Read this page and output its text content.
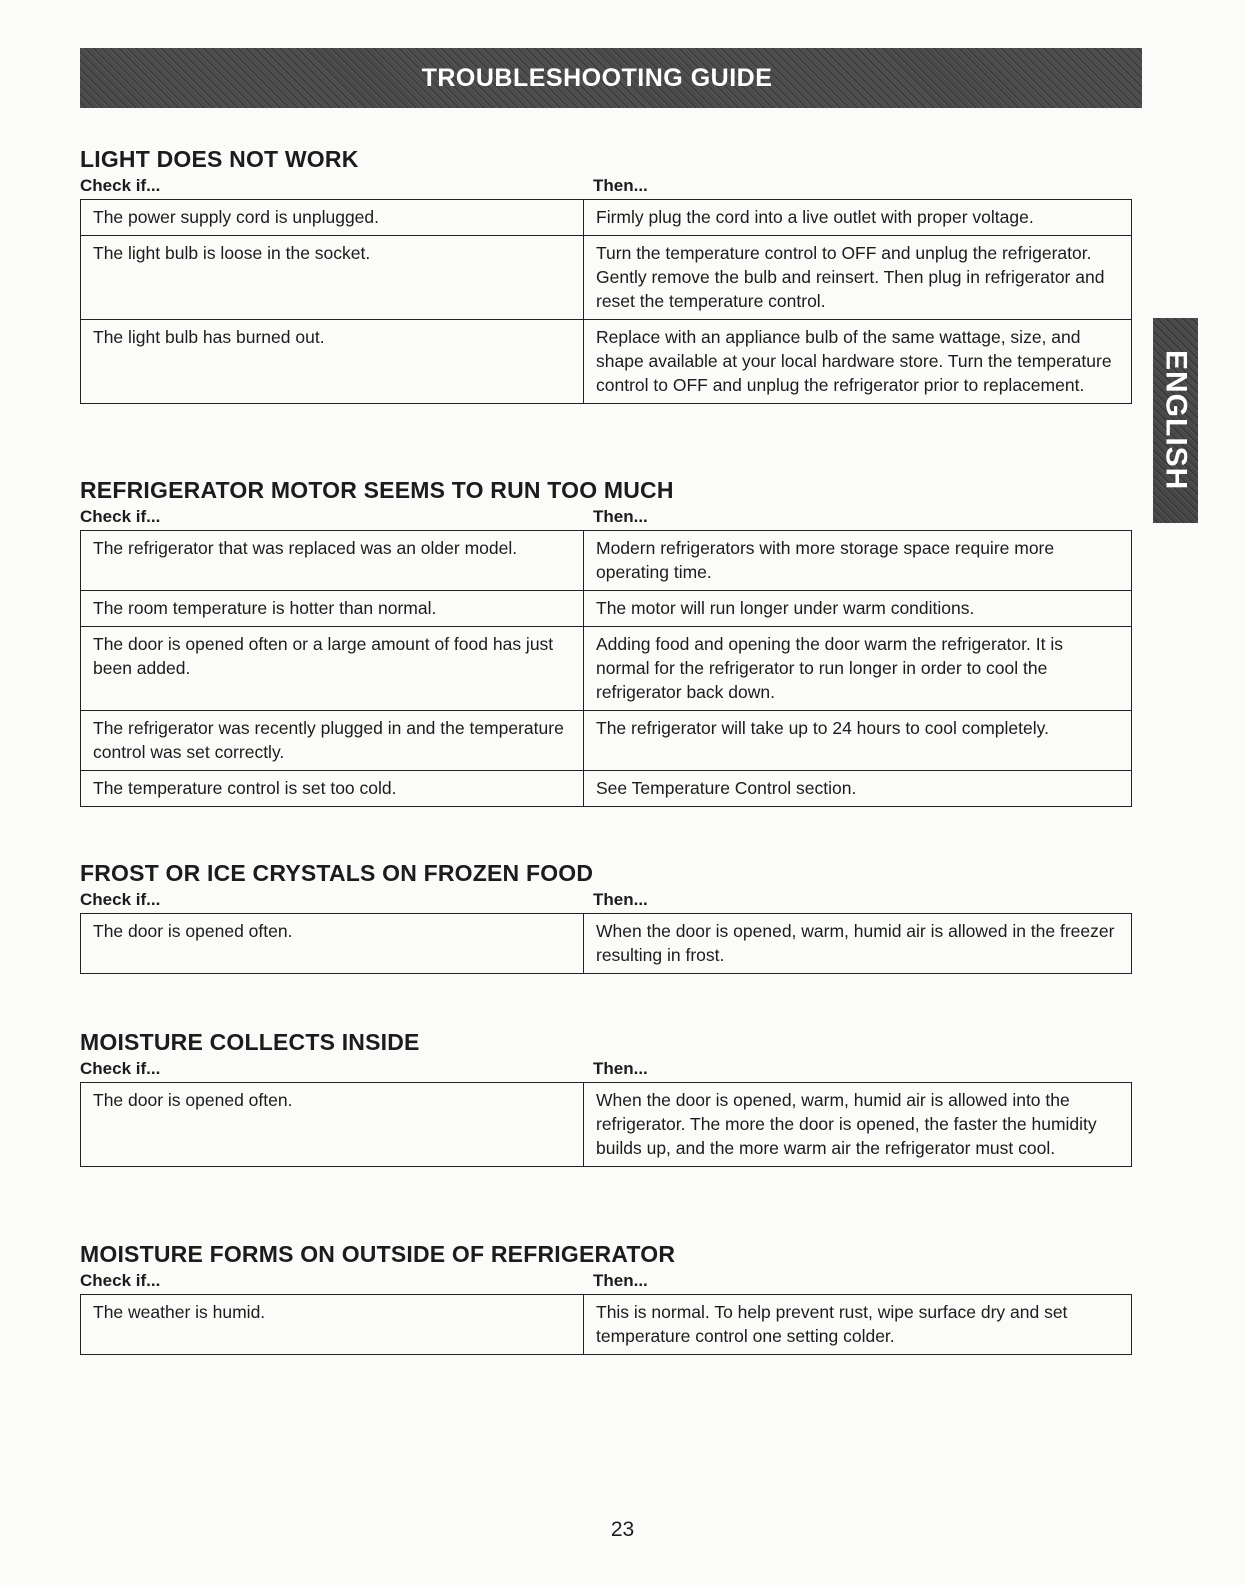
TROUBLESHOOTING GUIDE
ENGLISH
LIGHT DOES NOT WORK
Check if...	Then...
The power supply cord is unplugged.	Firmly plug the cord into a live outlet with proper voltage.
The light bulb is loose in the socket.	Turn the temperature control to OFF and unplug the refrigerator. Gently remove the bulb and reinsert. Then plug in refrigerator and reset the temperature control.
The light bulb has burned out.	Replace with an appliance bulb of the same wattage, size, and shape available at your local hardware store. Turn the temperature control to OFF and unplug the refrigerator prior to replacement.
REFRIGERATOR MOTOR SEEMS TO RUN TOO MUCH
Check if...	Then...
The refrigerator that was replaced was an older model.	Modern refrigerators with more storage space require more operating time.
The room temperature is hotter than normal.	The motor will run longer under warm conditions.
The door is opened often or a large amount of food has just been added.	Adding food and opening the door warm the refrigerator. It is normal for the refrigerator to run longer in order to cool the refrigerator back down.
The refrigerator was recently plugged in and the temperature control was set correctly.	The refrigerator will take up to 24 hours to cool completely.
The temperature control is set too cold.	See Temperature Control section.
FROST OR ICE CRYSTALS ON FROZEN FOOD
Check if...	Then...
The door is opened often.	When the door is opened, warm, humid air is allowed in the freezer resulting in frost.
MOISTURE COLLECTS INSIDE
Check if...	Then...
The door is opened often.	When the door is opened, warm, humid air is allowed into the refrigerator. The more the door is opened, the faster the humidity builds up, and the more warm air the refrigerator must cool.
MOISTURE FORMS ON OUTSIDE OF REFRIGERATOR
Check if...	Then...
The weather is humid.	This is normal. To help prevent rust, wipe surface dry and set temperature control one setting colder.
23
